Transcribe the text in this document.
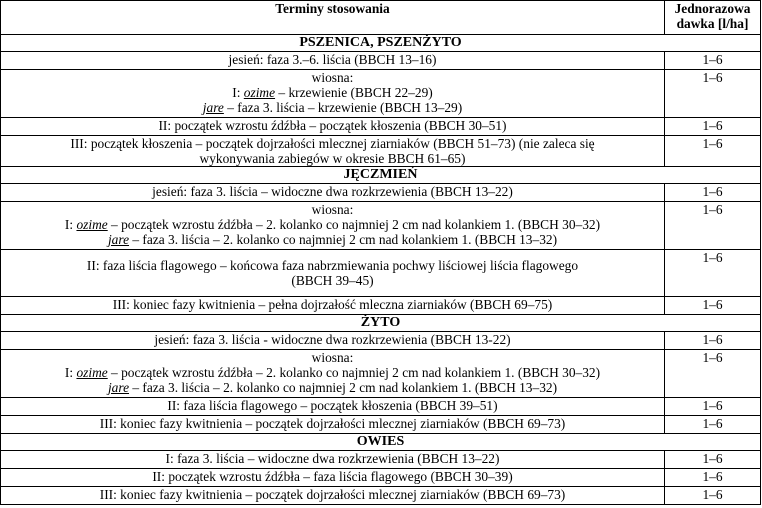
Terminy stosowania	Jednorazowa
dawka [l/ha]

PSZENICA, PSZENŻYTO	
jesień: faza 3.–6. liścia (BBCH 13–16)	1–6

wiosna:
I: ozime – krzewienie (BBCH 22–29)
jare – faza 3. liścia – krzewienie (BBCH 13–29)	1–6
II: początek wzrostu źdźbła – początek kłoszenia (BBCH 30–51)	1–6

III: początek kłoszenia – początek dojrzałości mlecznej ziarniaków (BBCH 51–73) (nie zaleca się
wykonywania zabiegów w okresie BBCH 61–65)	1–6
JĘCZMIEŃ	
jesień: faza 3. liścia – widoczne dwa rozkrzewienia (BBCH 13–22)	1–6

wiosna:
I: ozime – początek wzrostu źdźbła – 2. kolanko co najmniej 2 cm nad kolankiem 1. (BBCH 30–32)
jare – faza 3. liścia – 2. kolanko co najmniej 2 cm nad kolankiem 1. (BBCH 13–32)	1–6

II: faza liścia flagowego – końcowa faza nabrzmiewania pochwy liściowej liścia flagowego
(BBCH 39–45)	1–6
III: koniec fazy kwitnienia – pełna dojrzałość mleczna ziarniaków (BBCH 69–75)	1–6
ŻYTO	
jesień: faza 3. liścia - widoczne dwa rozkrzewienia (BBCH 13-22)	1–6

wiosna:
I: ozime – początek wzrostu źdźbła – 2. kolanko co najmniej 2 cm nad kolankiem 1. (BBCH 30–32)
jare – faza 3. liścia – 2. kolanko co najmniej 2 cm nad kolankiem 1. (BBCH 13–32)	1–6
II: faza liścia flagowego – początek kłoszenia (BBCH 39–51)	1–6
III: koniec fazy kwitnienia – początek dojrzałości mlecznej ziarniaków (BBCH 69–73)	1–6
OWIES	
I: faza 3. liścia – widoczne dwa rozkrzewienia (BBCH 13–22)	1–6
II: początek wzrostu źdźbła – faza liścia flagowego (BBCH 30–39)	1–6
III: koniec fazy kwitnienia – początek dojrzałości mlecznej ziarniaków (BBCH 69–73)	1–6
